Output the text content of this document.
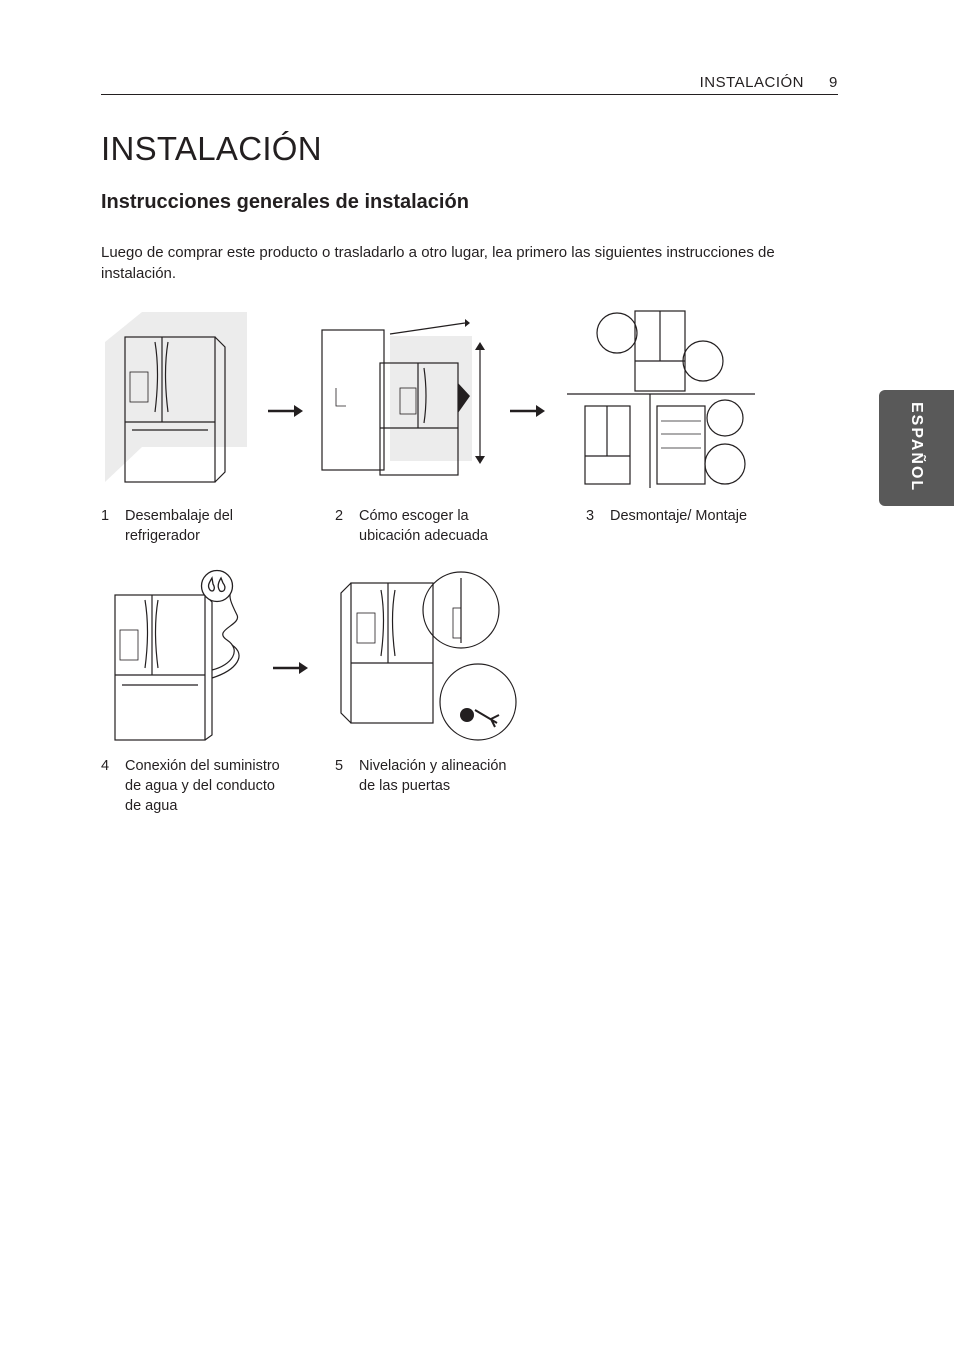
INSTALACIÓN 9
INSTALACIÓN
Instrucciones generales de instalación

Luego de comprar este producto o trasladarlo a otro lugar, lea primero las siguientes instrucciones de instalación.

ESPAÑOL
1	Desembalaje del
refrigerador
2	Cómo escoger la
ubicación adecuada
3	Desmontaje/ Montaje
4	Conexión del suministro
de agua y del conducto
de agua
5	Nivelación y alineación
de las puertas
